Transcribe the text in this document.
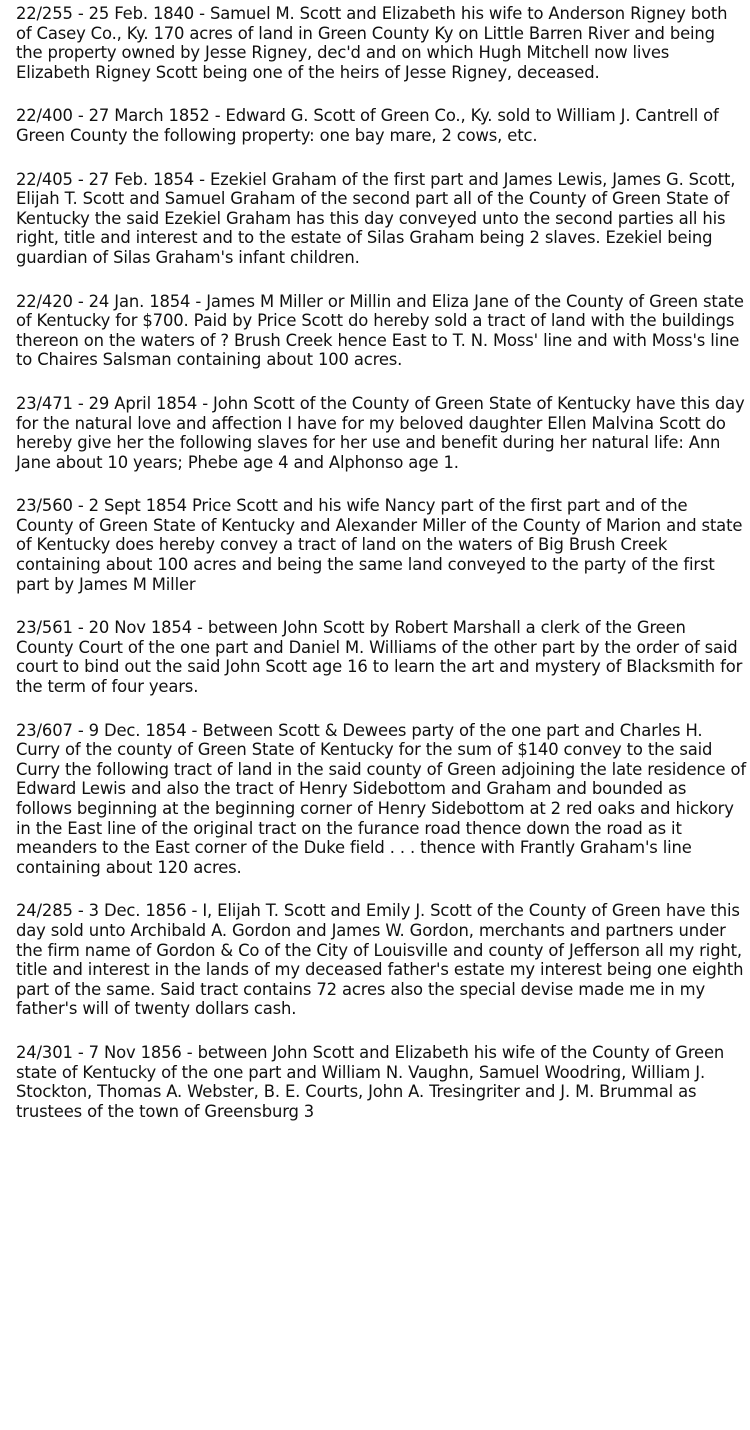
22/255 - 25 Feb. 1840 - Samuel M. Scott and Elizabeth his wife to Anderson Rigney both of Casey Co., Ky. 170 acres of land in Green County Ky on Little Barren River and being the property owned by Jesse Rigney, dec'd and on which Hugh Mitchell now lives Elizabeth Rigney Scott being one of the heirs of Jesse Rigney, deceased.

22/400 - 27 March 1852 - Edward G. Scott of Green Co., Ky. sold to William J. Cantrell of Green County the following property: one bay mare, 2 cows, etc.

22/405 - 27 Feb. 1854 - Ezekiel Graham of the first part and James Lewis, James G. Scott, Elijah T. Scott and Samuel Graham of the second part all of the County of Green State of Kentucky the said Ezekiel Graham has this day conveyed unto the second parties all his right, title and interest and to the estate of Silas Graham being 2 slaves. Ezekiel being guardian of Silas Graham's infant children.

22/420 - 24 Jan. 1854 - James M Miller or Millin and Eliza Jane of the County of Green state of Kentucky for $700. Paid by Price Scott do hereby sold a tract of land with the buildings thereon on the waters of ? Brush Creek hence East to T. N. Moss' line and with Moss's line to Chaires Salsman containing about 100 acres.

23/471 - 29 April 1854 - John Scott of the County of Green State of Kentucky have this day for the natural love and affection I have for my beloved daughter Ellen Malvina Scott do hereby give her the following slaves for her use and benefit during her natural life: Ann Jane about 10 years; Phebe age 4 and Alphonso age 1.

23/560 - 2 Sept 1854 Price Scott and his wife Nancy part of the first part and of the County of Green State of Kentucky and Alexander Miller of the County of Marion and state of Kentucky does hereby convey a tract of land on the waters of Big Brush Creek containing about 100 acres and being the same land conveyed to the party of the first part by James M Miller

23/561 - 20 Nov 1854 - between John Scott by Robert Marshall a clerk of the Green County Court of the one part and Daniel M. Williams of the other part by the order of said court to bind out the said John Scott age 16 to learn the art and mystery of Blacksmith for the term of four years.

23/607 - 9 Dec. 1854 - Between Scott & Dewees party of the one part and Charles H. Curry of the county of Green State of Kentucky for the sum of $140 convey to the said Curry the following tract of land in the said county of Green adjoining the late residence of Edward Lewis and also the tract of Henry Sidebottom and Graham and bounded as follows beginning at the beginning corner of Henry Sidebottom at 2 red oaks and hickory in the East line of the original tract on the furance road thence down the road as it meanders to the East corner of the Duke field . . . thence with Frantly Graham's line containing about 120 acres.

24/285 - 3 Dec. 1856 - I, Elijah T. Scott and Emily J. Scott of the County of Green have this day sold unto Archibald A. Gordon and James W. Gordon, merchants and partners under the firm name of Gordon & Co of the City of Louisville and county of Jefferson all my right, title and interest in the lands of my deceased father's estate my interest being one eighth part of the same. Said tract contains 72 acres also the special devise made me in my father's will of twenty dollars cash.

24/301 - 7 Nov 1856 - between John Scott and Elizabeth his wife of the County of Green state of Kentucky of the one part and William N. Vaughn, Samuel Woodring, William J. Stockton, Thomas A. Webster, B. E. Courts, John A. Tresingriter and J. M. Brummal as trustees of the town of Greensburg 3
